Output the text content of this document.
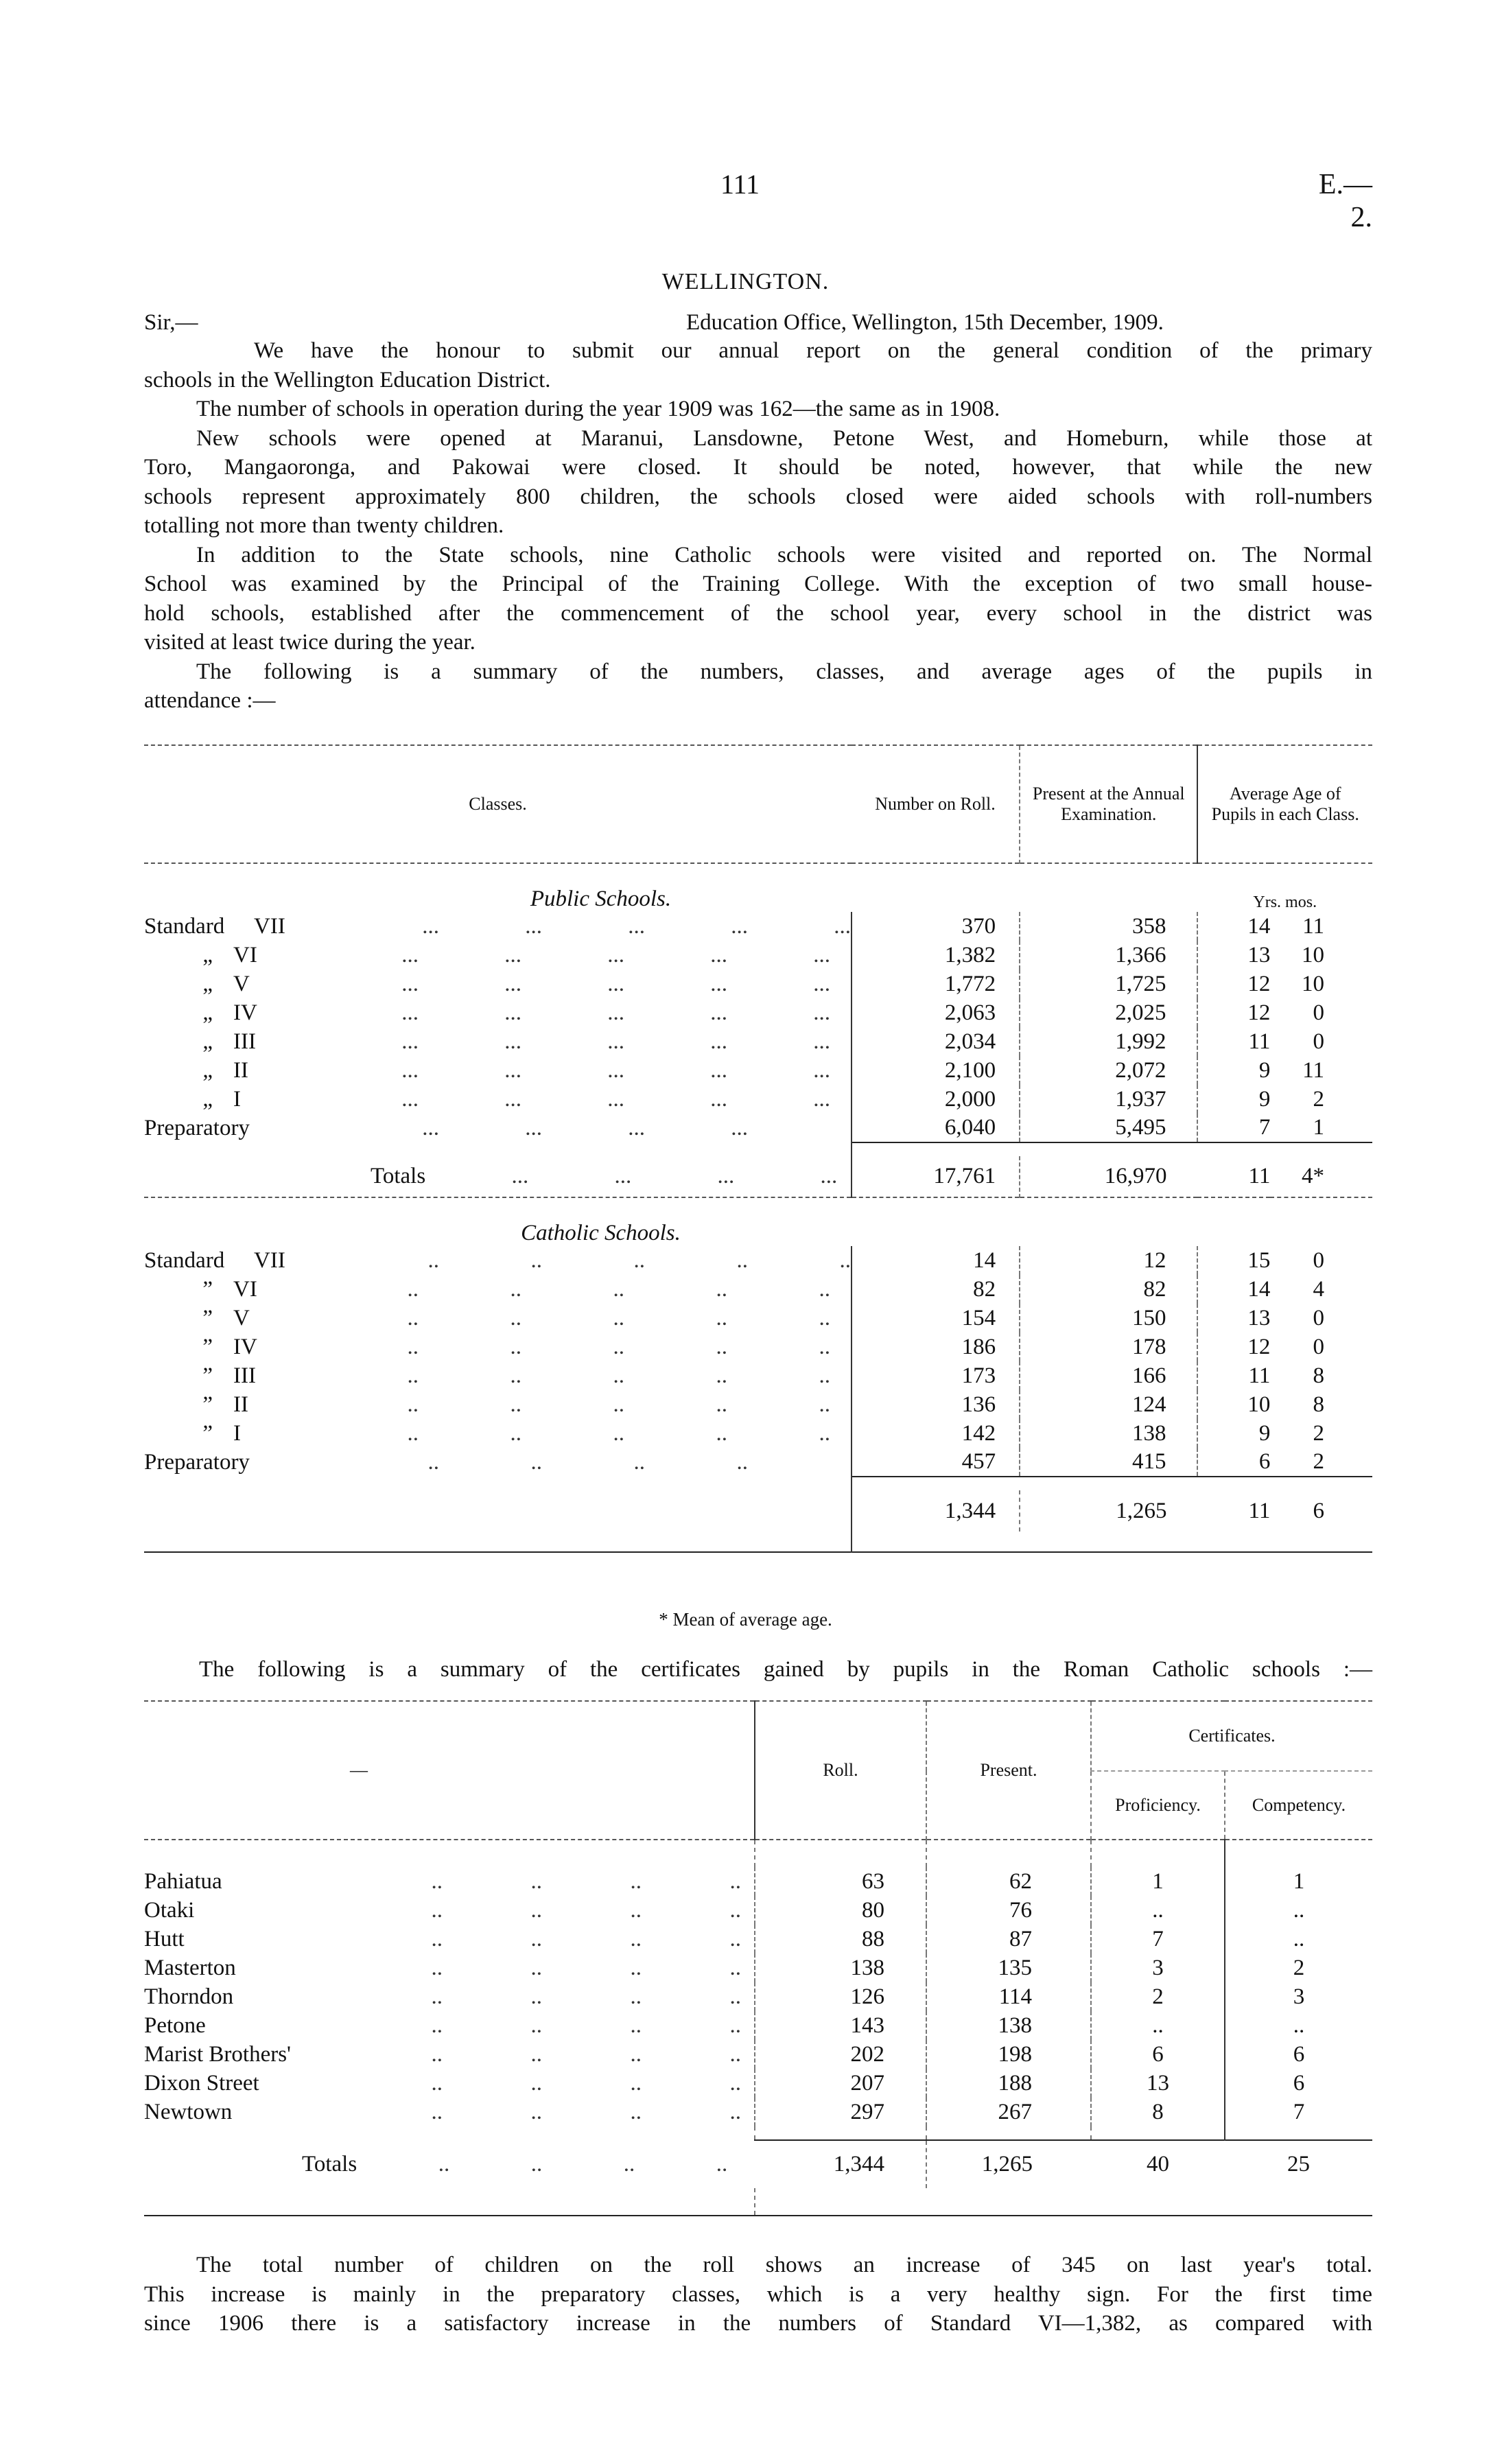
111	E.—2.
WELLINGTON.
Sir,—	Education Office, Wellington, 15th December, 1909.
We have the honour to submit our annual report on the general condition of the primary
schools in the Wellington Education District.
The number of schools in operation during the year 1909 was 162—the same as in 1908.
New schools were opened at Maranui, Lansdowne, Petone West, and Homeburn, while those at
Toro, Mangaoronga, and Pakowai were closed. It should be noted, however, that while the new
schools represent approximately 800 children, the schools closed were aided schools with roll-numbers
totalling not more than twenty children.
In addition to the State schools, nine Catholic schools were visited and reported on. The Normal
School was examined by the Principal of the Training College. With the exception of two small house-
hold schools, established after the commencement of the school year, every school in the district was
visited at least twice during the year.
The following is a summary of the numbers, classes, and average ages of the pupils in
attendance :—
Classes.	Number on Roll.	Present at the Annual Examination.	Average Age of Pupils in each Class.	
Public Schools.			Yrs. mos.	
Standard VII ... ... ... ... ...	370	358	14	11
„ VI ... ... ... ... ...	1,382	1,366	13	10
„ V ... ... ... ... ...	1,772	1,725	12	10
„ IV ... ... ... ... ...	2,063	2,025	12	0
„ III ... ... ... ... ...	2,034	1,992	11	0
„ II ... ... ... ... ...	2,100	2,072	9	11
„ I ... ... ... ... ...	2,000	1,937	9	2
Preparatory ... ... ... ...	6,040	5,495	7	1

Totals ... ... ... ...	17,761	16,970	11	4*
Catholic Schools.				
Standard VII .. .. .. .. ..	14	12	15	0
” VI .. .. .. .. ..	82	82	14	4
” V .. .. .. .. ..	154	150	13	0
” IV .. .. .. .. ..	186	178	12	0
” III .. .. .. .. ..	173	166	11	8
” II .. .. .. .. ..	136	124	10	8
” I .. .. .. .. ..	142	138	9	2
Preparatory .. .. .. ..	457	415	6	2

	1,344	1,265	11	6

* Mean of average age.
The following is a summary of the certificates gained by pupils in the Roman Catholic schools :—
—	Roll.	Present.	Certificates.	
			Proficiency.	Competency.

Pahiatua .. .. .. ..	63	62	1	1
Otaki .. .. .. ..	80	76	..	..
Hutt .. .. .. ..	88	87	7	..
Masterton .. .. .. ..	138	135	3	2
Thorndon .. .. .. ..	126	114	2	3
Petone .. .. .. ..	143	138	..	..
Marist Brothers' .. .. .. ..	202	198	6	6
Dixon Street .. .. .. ..	207	188	13	6
Newtown .. .. .. ..	297	267	8	7

Totals .. .. .. ..	1,344	1,265	40	25

The total number of children on the roll shows an increase of 345 on last year's total.
This increase is mainly in the preparatory classes, which is a very healthy sign. For the first time
since 1906 there is a satisfactory increase in the numbers of Standard VI—1,382, as compared with
